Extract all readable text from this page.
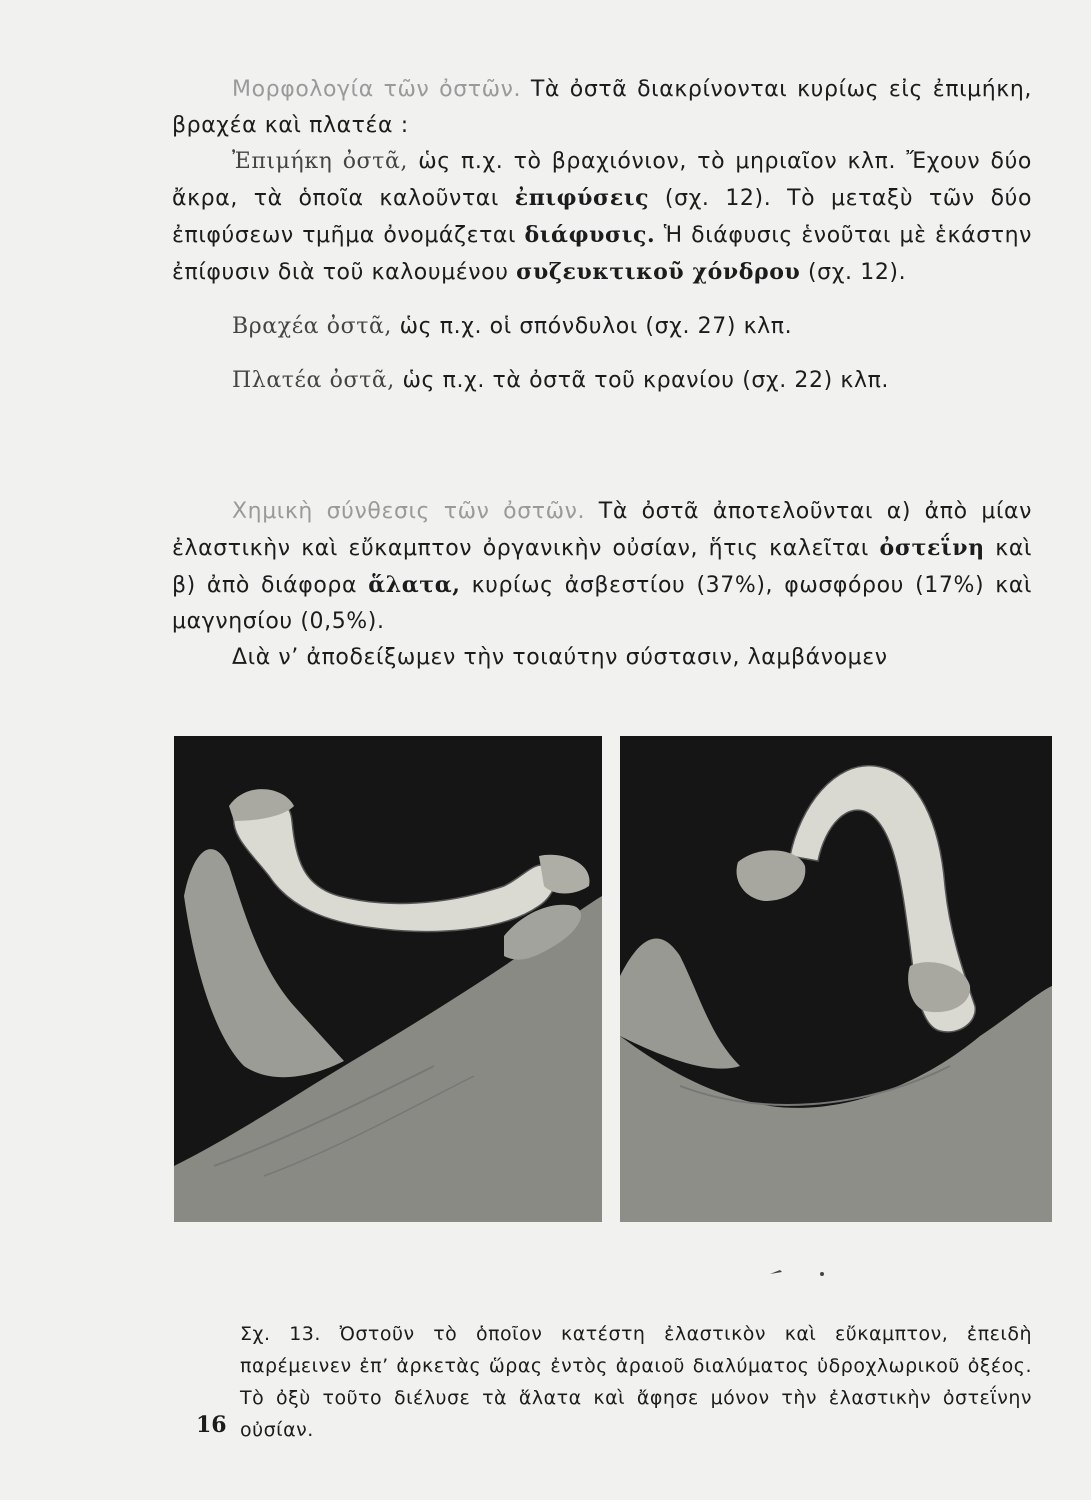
Μορφολογία τῶν ὀστῶν. Τὰ ὀστᾶ διακρίνονται κυρίως εἰς ἐπιμήκη, βραχέα καὶ πλατέα :

Ἐπιμήκη ὀστᾶ, ὡς π.χ. τὸ βραχιόνιον, τὸ μηριαῖον κλπ. Ἔχουν δύο ἄκρα, τὰ ὁποῖα καλοῦνται ἐπιφύσεις (σχ. 12). Τὸ μεταξὺ τῶν δύο ἐπιφύσεων τμῆμα ὀνομάζεται διάφυσις. Ἡ διάφυσις ἑνοῦται μὲ ἑκάστην ἐπίφυσιν διὰ τοῦ καλουμένου συζευκτικοῦ χόνδρου (σχ. 12).

Βραχέα ὀστᾶ, ὡς π.χ. οἱ σπόνδυλοι (σχ. 27) κλπ.

Πλατέα ὀστᾶ, ὡς π.χ. τὰ ὀστᾶ τοῦ κρανίου (σχ. 22) κλπ.

Χημικὴ σύνθεσις τῶν ὀστῶν. Τὰ ὀστᾶ ἀποτελοῦνται α) ἀπὸ μίαν ἐλαστικὴν καὶ εὔκαμπτον ὀργανικὴν οὐσίαν, ἥτις καλεῖται ὀστεΐνη καὶ β) ἀπὸ διάφορα ἅλατα, κυρίως ἀσβεστίου (37%), φωσφόρου (17%) καὶ μαγνησίου (0,5%).

Διὰ ν’ ἀποδείξωμεν τὴν τοιαύτην σύστασιν, λαμβάνομεν

Σχ. 13. Ὀστοῦν τὸ ὁποῖον κατέστη ἐλαστικὸν καὶ εὔκαμπτον, ἐπειδὴ παρέμεινεν ἐπ’ ἀρκετὰς ὥρας ἐντὸς ἀραιοῦ διαλύματος ὑδροχλωρικοῦ ὀξέος. Τὸ ὀξὺ τοῦτο διέλυσε τὰ ἅλατα καὶ ἄφησε μόνον τὴν ἐλαστικὴν ὀστεΐνην οὐσίαν.

16
